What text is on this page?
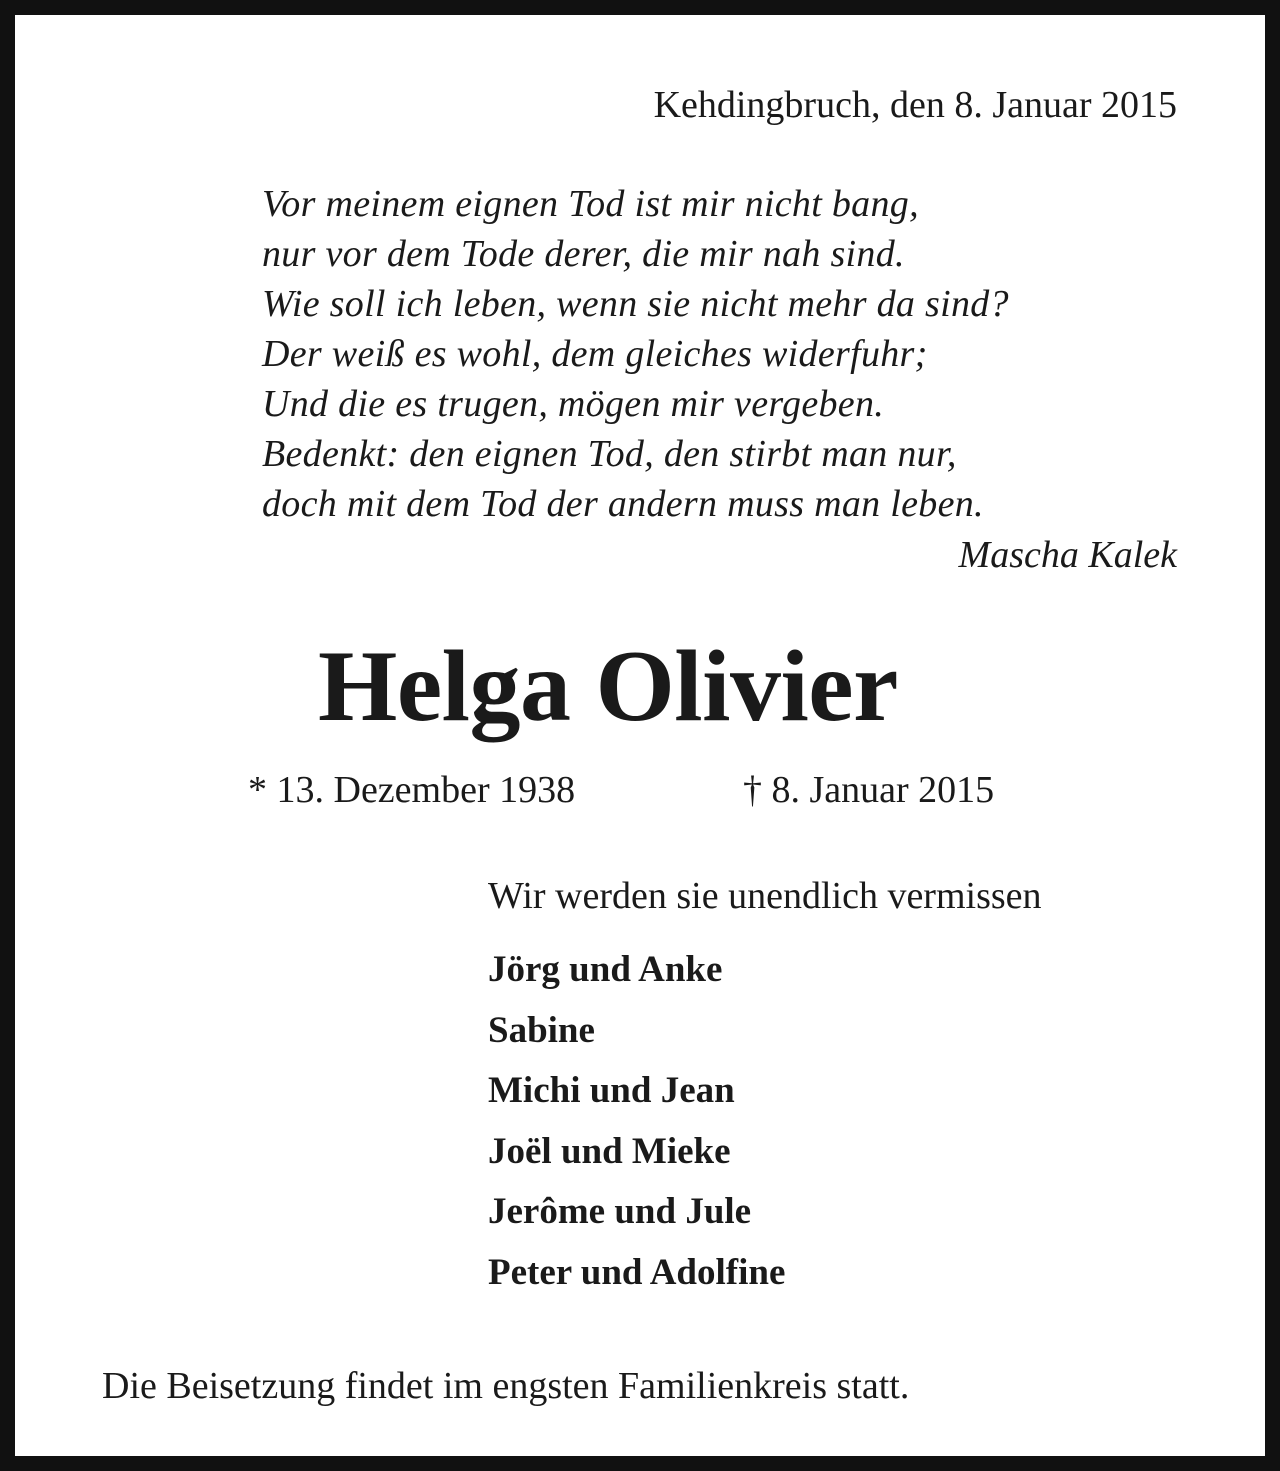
Kehdingbruch, den 8. Januar 2015
Vor meinem eignen Tod ist mir nicht bang,
nur vor dem Tode derer, die mir nah sind.
Wie soll ich leben, wenn sie nicht mehr da sind?
Der weiß es wohl, dem gleiches widerfuhr;
Und die es trugen, mögen mir vergeben.
Bedenkt: den eignen Tod, den stirbt man nur,
doch mit dem Tod der andern muss man leben.
Mascha Kalek
Helga Olivier
* 13. Dezember 1938	† 8. Januar 2015
Wir werden sie unendlich vermissen
Jörg und Anke
Sabine
Michi und Jean
Joël und Mieke
Jerôme und Jule
Peter und Adolfine
Die Beisetzung findet im engsten Familienkreis statt.
